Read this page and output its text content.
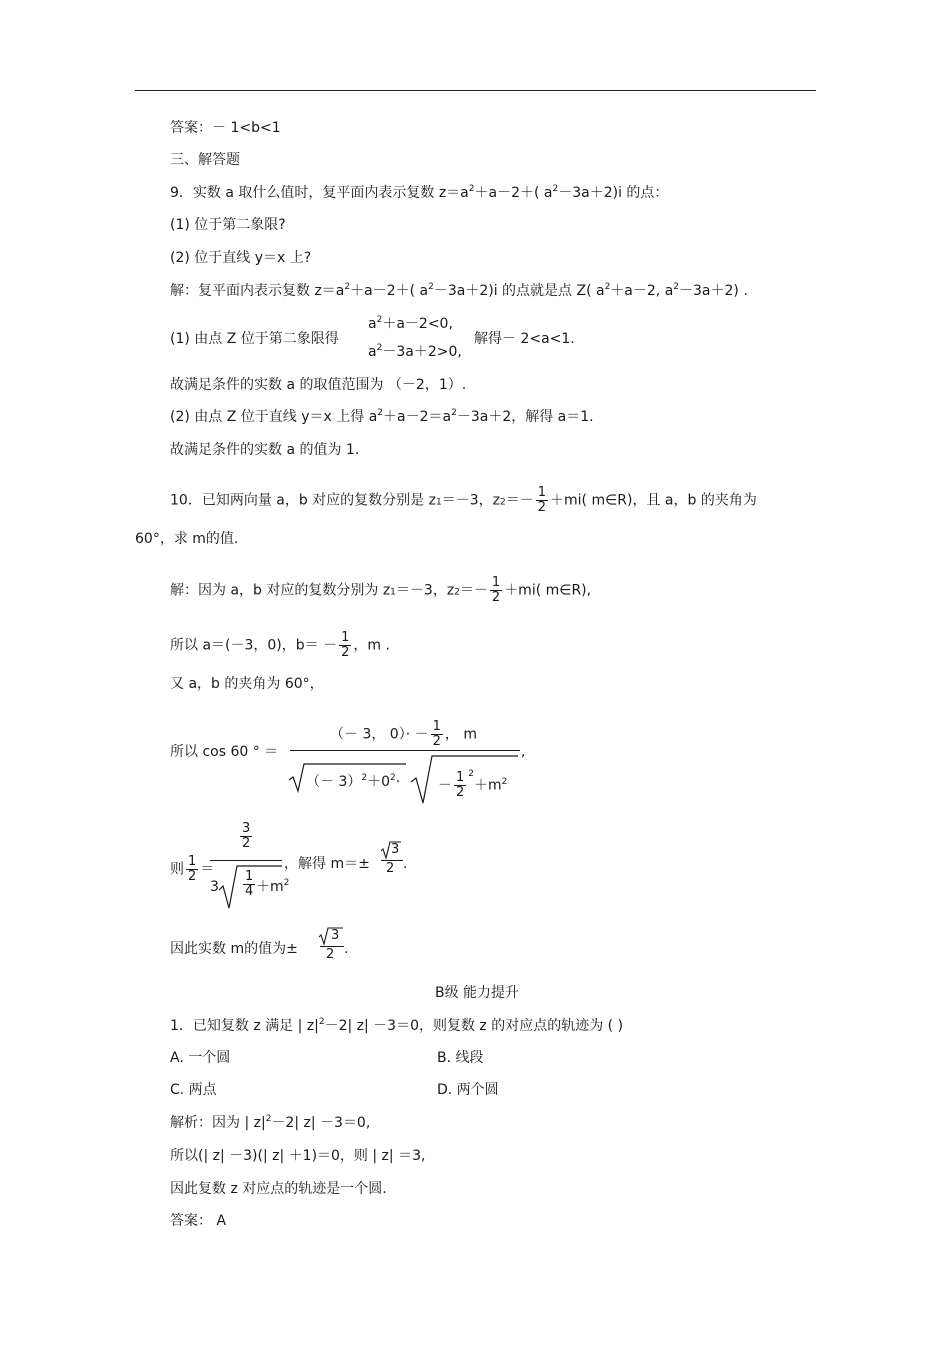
答案：－ 1<b<1
三、解答题
9．实数 a 取什么值时，复平面内表示复数 $z=a^2+a-2+$( $a^2-3a+2)i$ 的点：
(1) 位于第二象限?
(2) 位于直线 y＝x 上?
解：复平面内表示复数 $z=a^2+a-2+$( $a^2-3a+2)i$ 的点就是点 Z( $a^2+a-2$, $a^2-3a+2$) .
(1) 由点 Z 位于第二象限得
$a^2+a-2<0$,
$a^2-3a+2>0$,
解得－ 2<a<1.
故满足条件的实数 a 的取值范围为 （－2，1）.
(2) 由点 Z 位于直线 y＝x 上得 $a^2+a-2=a^2-3a+2$，解得 a＝1.
故满足条件的实数 a 的值为 1.
10．已知两向量 a，b 对应的复数分别是 z1＝－3，$z2=- \frac{1}{2} +mi$( m∈R)，且 a，b 的夹角为
60°，求 m的值.
解：因为 a，b 对应的复数分别为 z1＝－3，$z2=- \frac{1}{2} +mi$( m∈R),
所以 a＝(－3，0)，$b= - \frac{1}{2}$ ，m .
又 a，b 的夹角为 60°，
所以 cos 60 ° ＝
（－ 3， $0)\cdot - \frac{1}{2}$ ， m
,
（－ $3)^2+0^2\cdot$	－ $\frac{1}{2} ^2+m^2$
则 $\frac{1}{2}$ ＝
$\frac{3}{2}$
$3 \frac{1}{4} +m^2$
，解得 m＝±
3
2 .
因此实数 m的值为±
3
2 .
B级 能力提升
1．已知复数 z 满足 | $z|^2-2|$ z| －3＝0，则复数 z 的对应点的轨迹为 ( )
A. 一个圆	B. 线段
C. 两点	D. 两个圆
解析：因为 | $z|^2-2|$ z| －3＝0,
所以(| z| －3)(| z| ＋1)＝0，则 | z| ＝3,
因此复数 z 对应点的轨迹是一个圆.
答案： A
